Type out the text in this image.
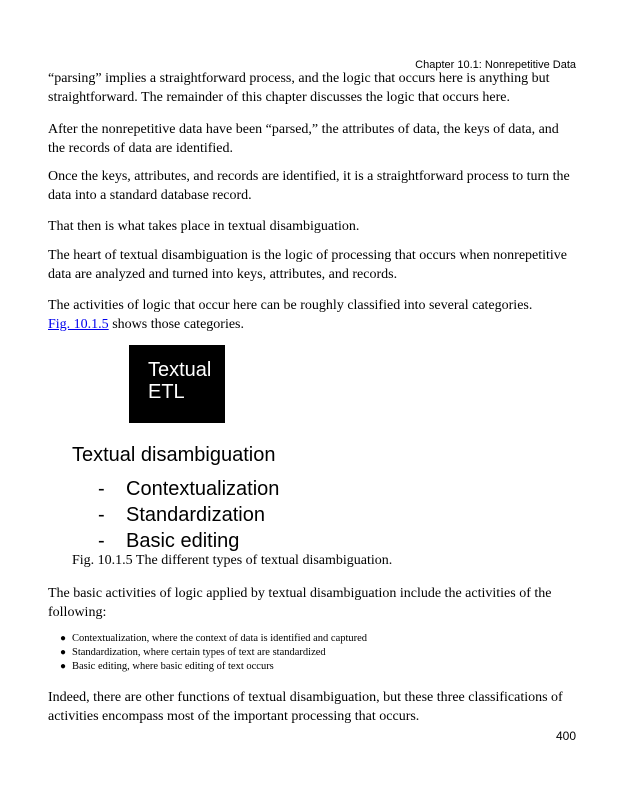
Chapter 10.1: Nonrepetitive Data

“parsing” implies a straightforward process, and the logic that occurs here is anything but straightforward. The remainder of this chapter discusses the logic that occurs here.

After the nonrepetitive data have been “parsed,” the attributes of data, the keys of data, and the records of data are identified.

Once the keys, attributes, and records are identified, it is a straightforward process to turn the data into a standard database record.

That then is what takes place in textual disambiguation.

The heart of textual disambiguation is the logic of processing that occurs when nonrepetitive data are analyzed and turned into keys, attributes, and records.

The activities of logic that occur here can be roughly classified into several categories.
Fig. 10.1.5 shows those categories.

Textual
ETL
Textual disambiguation
- Contextualization
- Standardization
- Basic editing
Fig. 10.1.5 The different types of textual disambiguation.

The basic activities of logic applied by textual disambiguation include the activities of the following:

● Contextualization, where the context of data is identified and captured
● Standardization, where certain types of text are standardized
● Basic editing, where basic editing of text occurs

Indeed, there are other functions of textual disambiguation, but these three classifications of activities encompass most of the important processing that occurs.

400
